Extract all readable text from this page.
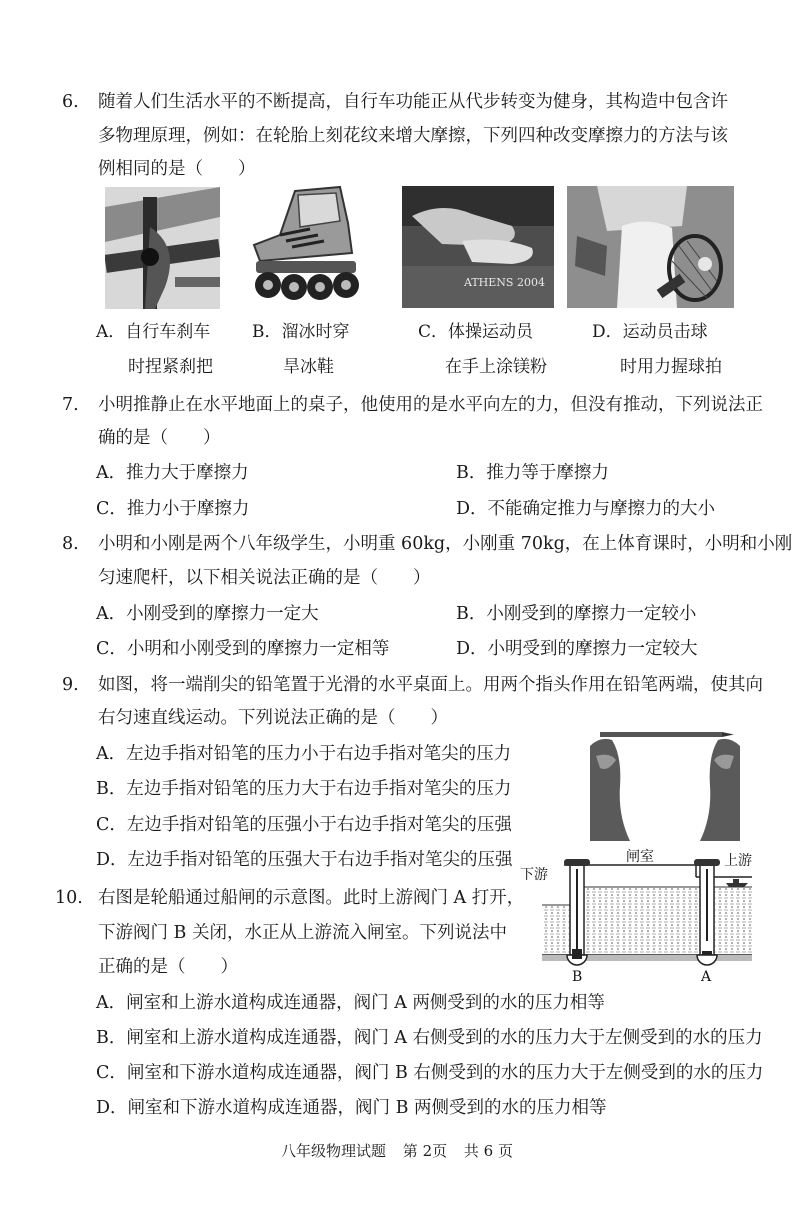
6. 随着人们生活水平的不断提高，自行车功能正从代步转变为健身，其构造中包含许
多物理原理，例如：在轮胎上刻花纹来增大摩擦，下列四种改变摩擦力的方法与该
例相同的是（　　）
ATHENS 2004
A．自行车刹车
时捏紧刹把
B．溜冰时穿
旱冰鞋
C．体操运动员
在手上涂镁粉
D．运动员击球
时用力握球拍
7. 小明推静止在水平地面上的桌子，他使用的是水平向左的力，但没有推动，下列说法正
确的是（　　）
A．推力大于摩擦力	B．推力等于摩擦力
C．推力小于摩擦力	D．不能确定推力与摩擦力的大小
8. 小明和小刚是两个八年级学生，小明重 60kg，小刚重 70kg，在上体育课时，小明和小刚
匀速爬杆，以下相关说法正确的是（　　）
A．小刚受到的摩擦力一定大	B．小刚受到的摩擦力一定较小
C．小明和小刚受到的摩擦力一定相等	D．小明受到的摩擦力一定较大
9. 如图，将一端削尖的铅笔置于光滑的水平桌面上。用两个指头作用在铅笔两端，使其向
右匀速直线运动。下列说法正确的是（　　）
A．左边手指对铅笔的压力小于右边手指对笔尖的压力
B．左边手指对铅笔的压力大于右边手指对笔尖的压力
C．左边手指对铅笔的压强小于右边手指对笔尖的压强
D．左边手指对铅笔的压强大于右边手指对笔尖的压强
10. 右图是轮船通过船闸的示意图。此时上游阀门 A 打开，
下游阀门 B 关闭，水正从上游流入闸室。下列说法中
正确的是（　　）
下游
闸室	上游
B	A
A．闸室和上游水道构成连通器，阀门 A 两侧受到的水的压力相等
B．闸室和上游水道构成连通器，阀门 A 右侧受到的水的压力大于左侧受到的水的压力
C．闸室和下游水道构成连通器，阀门 B 右侧受到的水的压力大于左侧受到的水的压力
D．闸室和下游水道构成连通器，阀门 B 两侧受到的水的压力相等
八年级物理试题 第 2页 共 6 页
